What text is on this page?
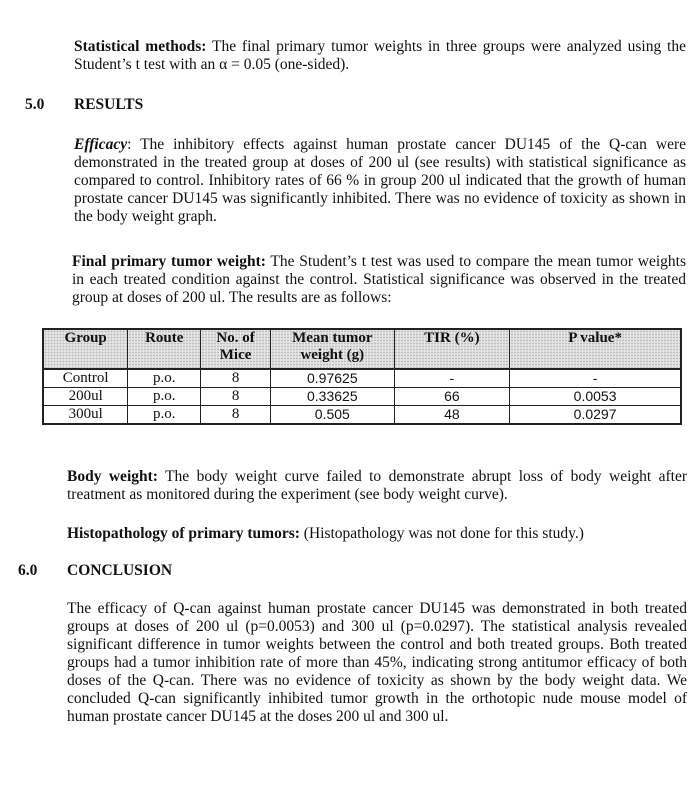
Statistical methods: The final primary tumor weights in three groups were analyzed using the Student’s t test with an α = 0.05 (one-sided).
5.0 RESULTS
Efficacy: The inhibitory effects against human prostate cancer DU145 of the Q-can were demonstrated in the treated group at doses of 200 ul (see results) with statistical significance as compared to control. Inhibitory rates of 66 % in group 200 ul indicated that the growth of human prostate cancer DU145 was significantly inhibited. There was no evidence of toxicity as shown in the body weight graph.
Final primary tumor weight: The Student’s t test was used to compare the mean tumor weights in each treated condition against the control. Statistical significance was observed in the treated group at doses of 200 ul. The results are as follows:
Group	Route	No. of Mice	Mean tumor weight (g)	TIR (%)	P value*
Control	p.o.	8	0.97625	-	-
200ul	p.o.	8	0.33625	66	0.0053
300ul	p.o.	8	0.505	48	0.0297
Body weight: The body weight curve failed to demonstrate abrupt loss of body weight after treatment as monitored during the experiment (see body weight curve).
Histopathology of primary tumors: (Histopathology was not done for this study.)
6.0 CONCLUSION
The efficacy of Q-can against human prostate cancer DU145 was demonstrated in both treated groups at doses of 200 ul (p=0.0053) and 300 ul (p=0.0297). The statistical analysis revealed significant difference in tumor weights between the control and both treated groups. Both treated groups had a tumor inhibition rate of more than 45%, indicating strong antitumor efficacy of both doses of the Q-can. There was no evidence of toxicity as shown by the body weight data. We concluded Q-can significantly inhibited tumor growth in the orthotopic nude mouse model of human prostate cancer DU145 at the doses 200 ul and 300 ul.
